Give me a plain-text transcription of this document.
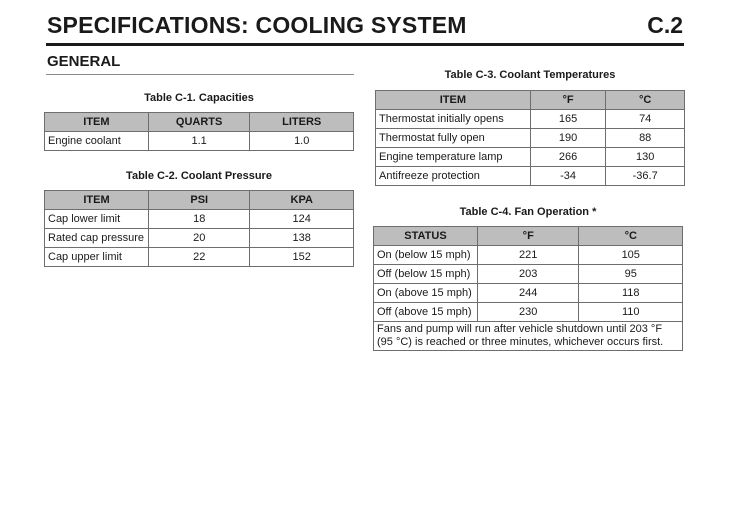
SPECIFICATIONS: COOLING SYSTEM	C.2
GENERAL
Table C-1. Capacities
ITEM	QUARTS	LITERS
Engine coolant	1.1	1.0
Table C-2. Coolant Pressure
ITEM	PSI	KPA
Cap lower limit	18	124
Rated cap pressure	20	138
Cap upper limit	22	152
Table C-3. Coolant Temperatures
ITEM	°F	°C
Thermostat initially opens	165	74
Thermostat fully open	190	88
Engine temperature lamp	266	130
Antifreeze protection	-34	-36.7
Table C-4. Fan Operation *
STATUS	°F	°C
On (below 15 mph)	221	105
Off (below 15 mph)	203	95
On (above 15 mph)	244	118
Off (above 15 mph)	230	110
Fans and pump will run after vehicle shutdown until 203 °F (95 °C) is reached or three minutes, whichever occurs first.		
